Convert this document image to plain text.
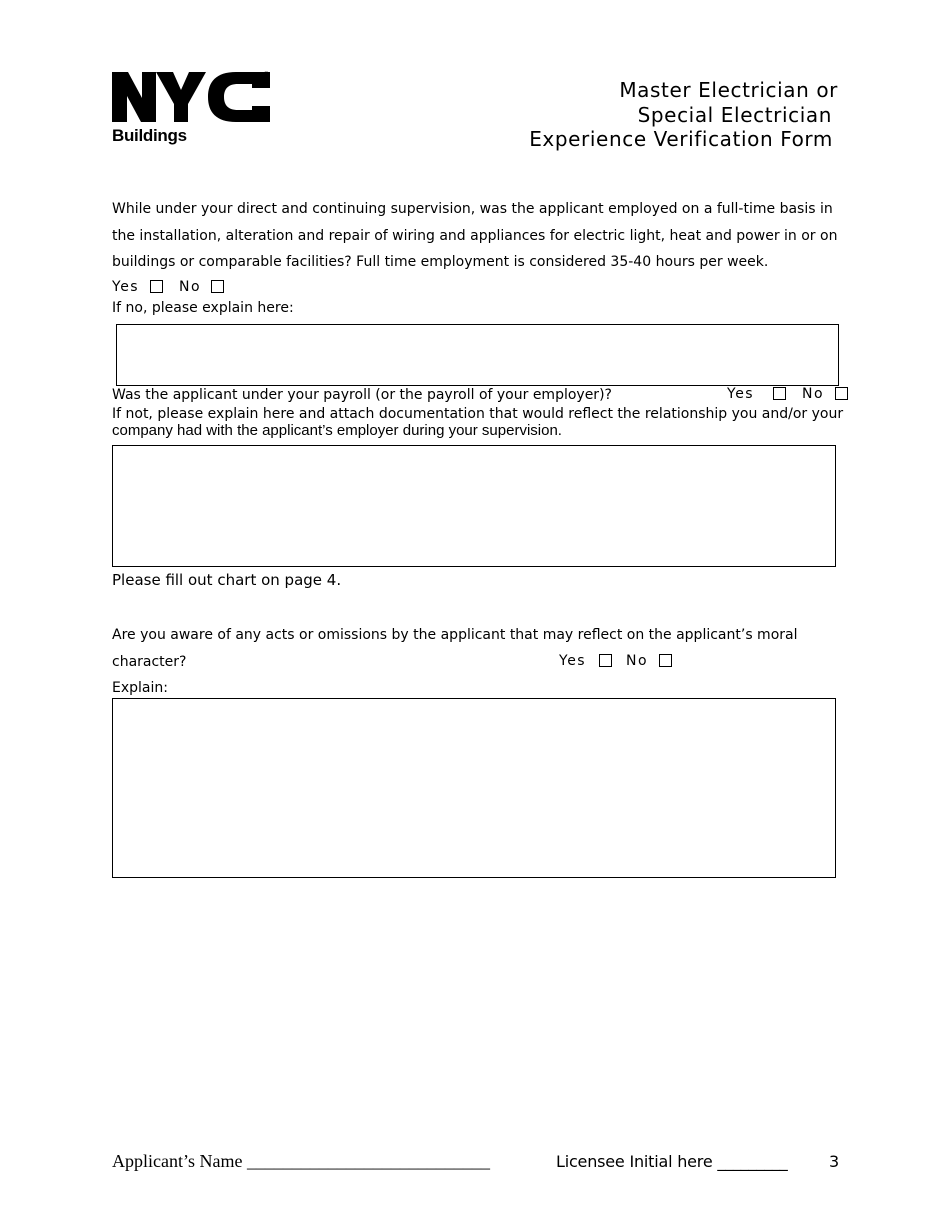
™
Buildings
Master Electrician or
Special Electrician
Experience Verification Form
While under your direct and continuing supervision, was the applicant employed on a full-time basis in the installation, alteration and repair of wiring and appliances for electric light, heat and power in or on buildings or comparable facilities? Full time employment is considered 35-40 hours per week.
Yes	No
If no, please explain here:
Was the applicant under your payroll (or the payroll of your employer)?	Yes	No
If not, please explain here and attach documentation that would reflect the relationship you and/or your
company had with the applicant’s employer during your supervision.
Please fill out chart on page 4.
Are you aware of any acts or omissions by the applicant that may reflect on the applicant’s moral
character?	Yes	No
Explain:
Applicant’s Name ___________________________	Licensee Initial here _________	3
